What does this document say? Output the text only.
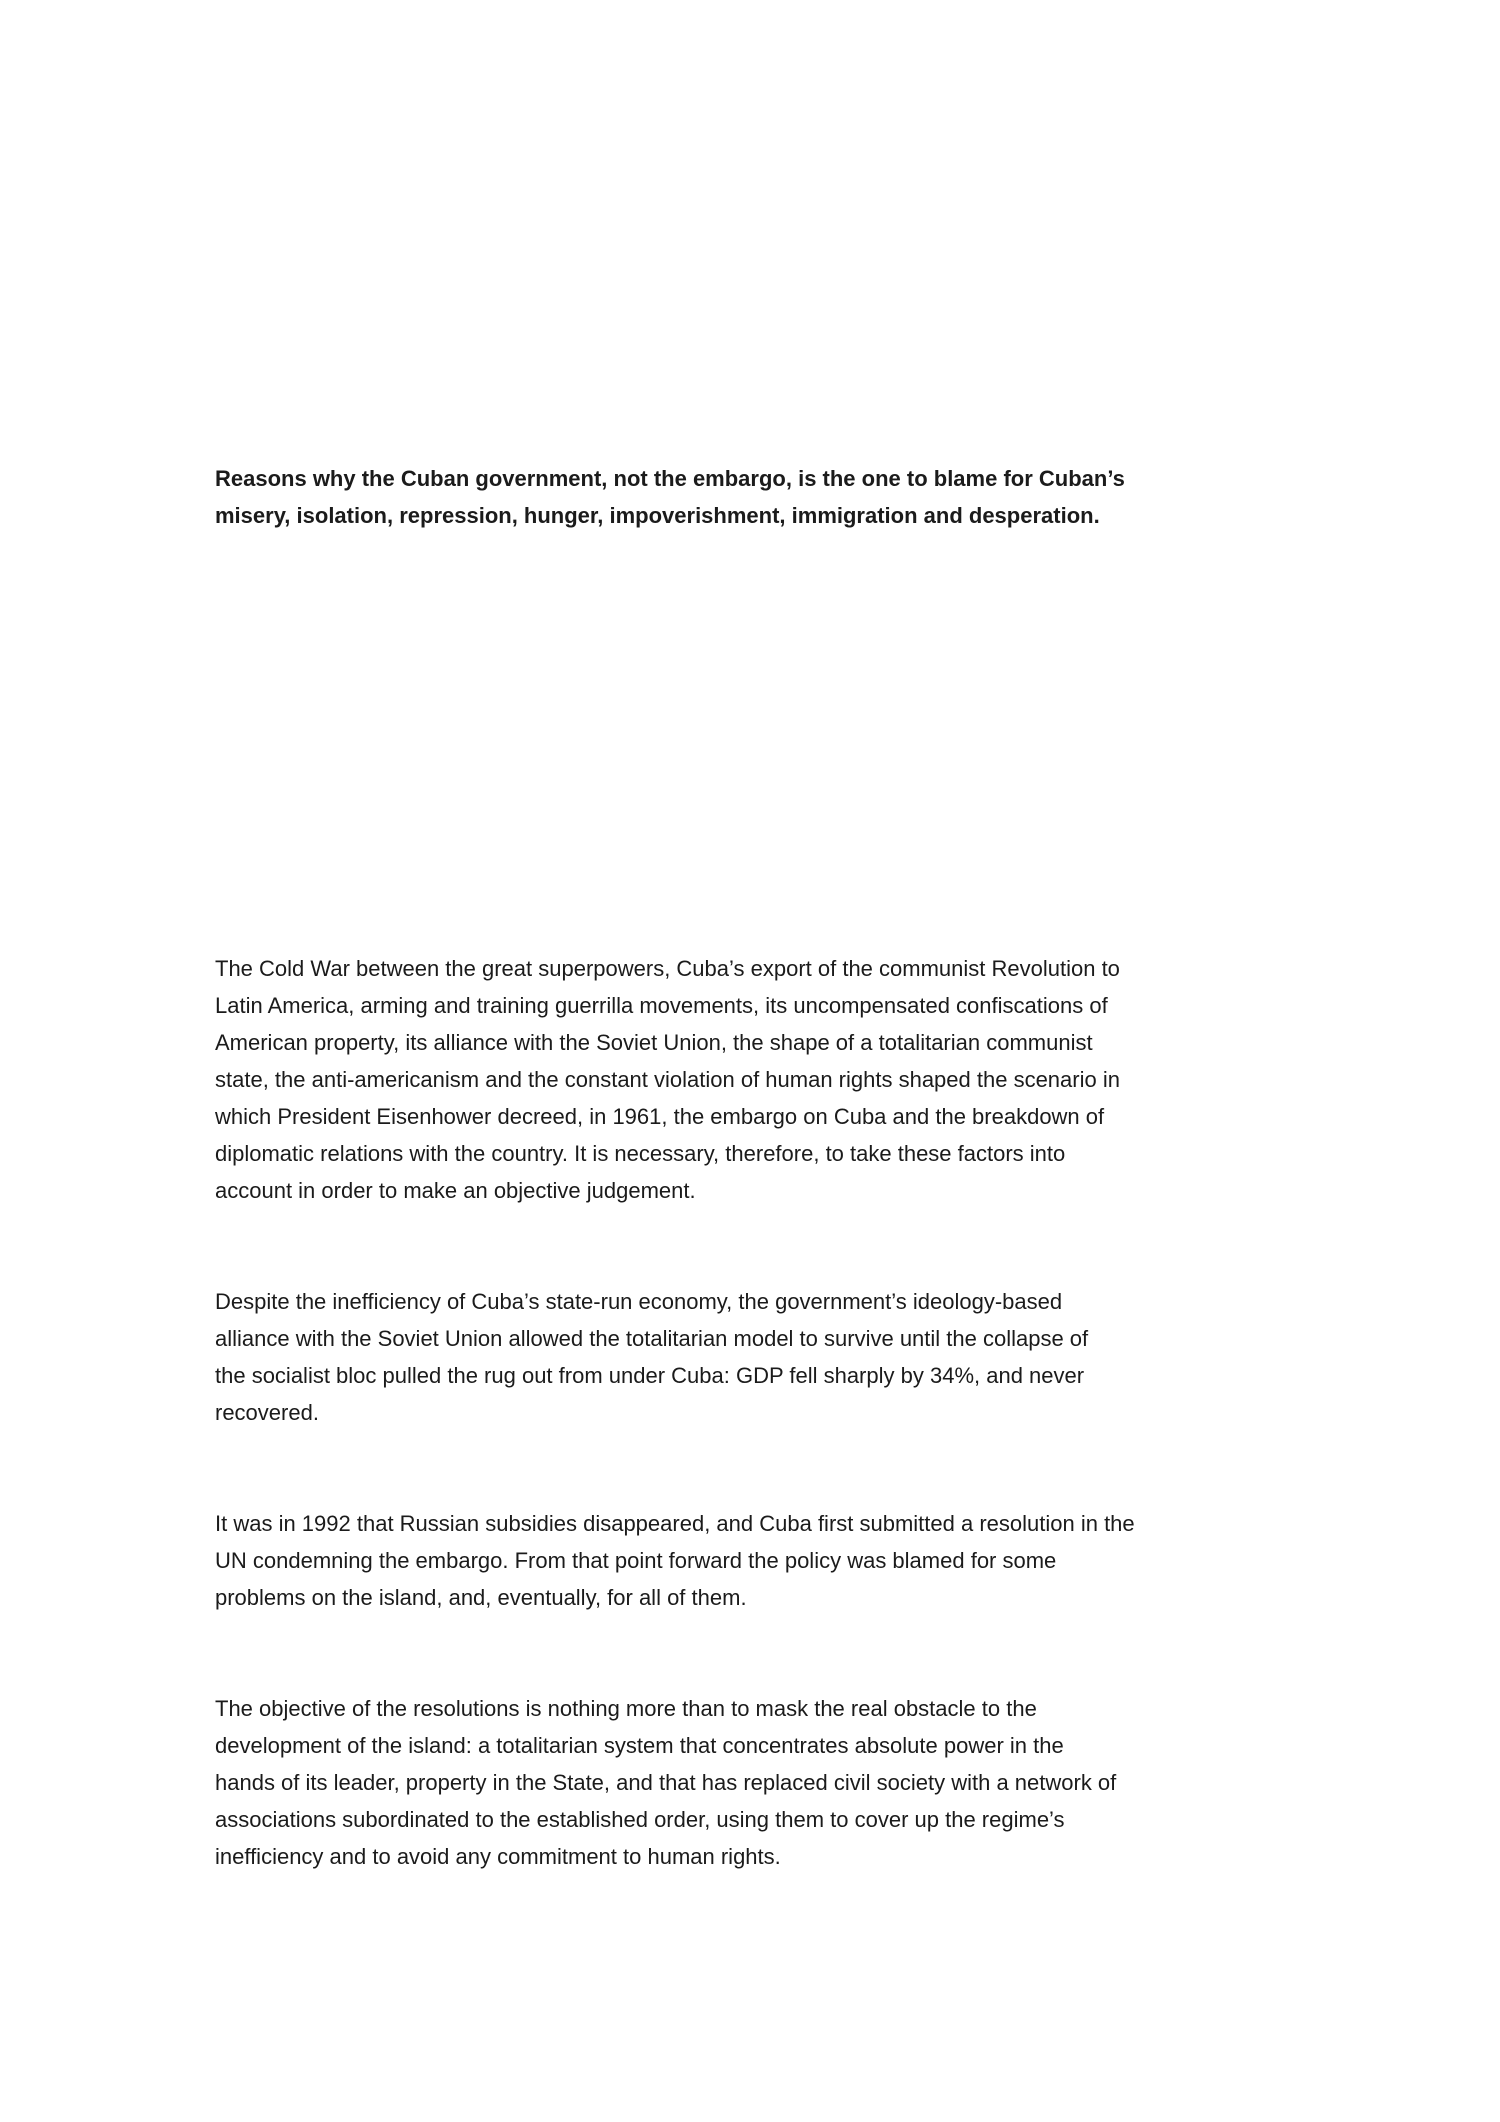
Reasons why the Cuban government, not the embargo, is the one to blame for Cuban’s
misery, isolation, repression, hunger, impoverishment, immigration and desperation.
The Cold War between the great superpowers, Cuba’s export of the communist Revolution to
Latin America, arming and training guerrilla movements, its uncompensated confiscations of
American property, its alliance with the Soviet Union, the shape of a totalitarian communist
state, the anti-americanism and the constant violation of human rights shaped the scenario in
which President Eisenhower decreed, in 1961, the embargo on Cuba and the breakdown of
diplomatic relations with the country. It is necessary, therefore, to take these factors into
account in order to make an objective judgement.
Despite the inefficiency of Cuba’s state-run economy, the government’s ideology-based
alliance with the Soviet Union allowed the totalitarian model to survive until the collapse of
the socialist bloc pulled the rug out from under Cuba: GDP fell sharply by 34%, and never
recovered.
It was in 1992 that Russian subsidies disappeared, and Cuba first submitted a resolution in the
UN condemning the embargo. From that point forward the policy was blamed for some
problems on the island, and, eventually, for all of them.
The objective of the resolutions is nothing more than to mask the real obstacle to the
development of the island: a totalitarian system that concentrates absolute power in the
hands of its leader, property in the State, and that has replaced civil society with a network of
associations subordinated to the established order, using them to cover up the regime’s
inefficiency and to avoid any commitment to human rights.
